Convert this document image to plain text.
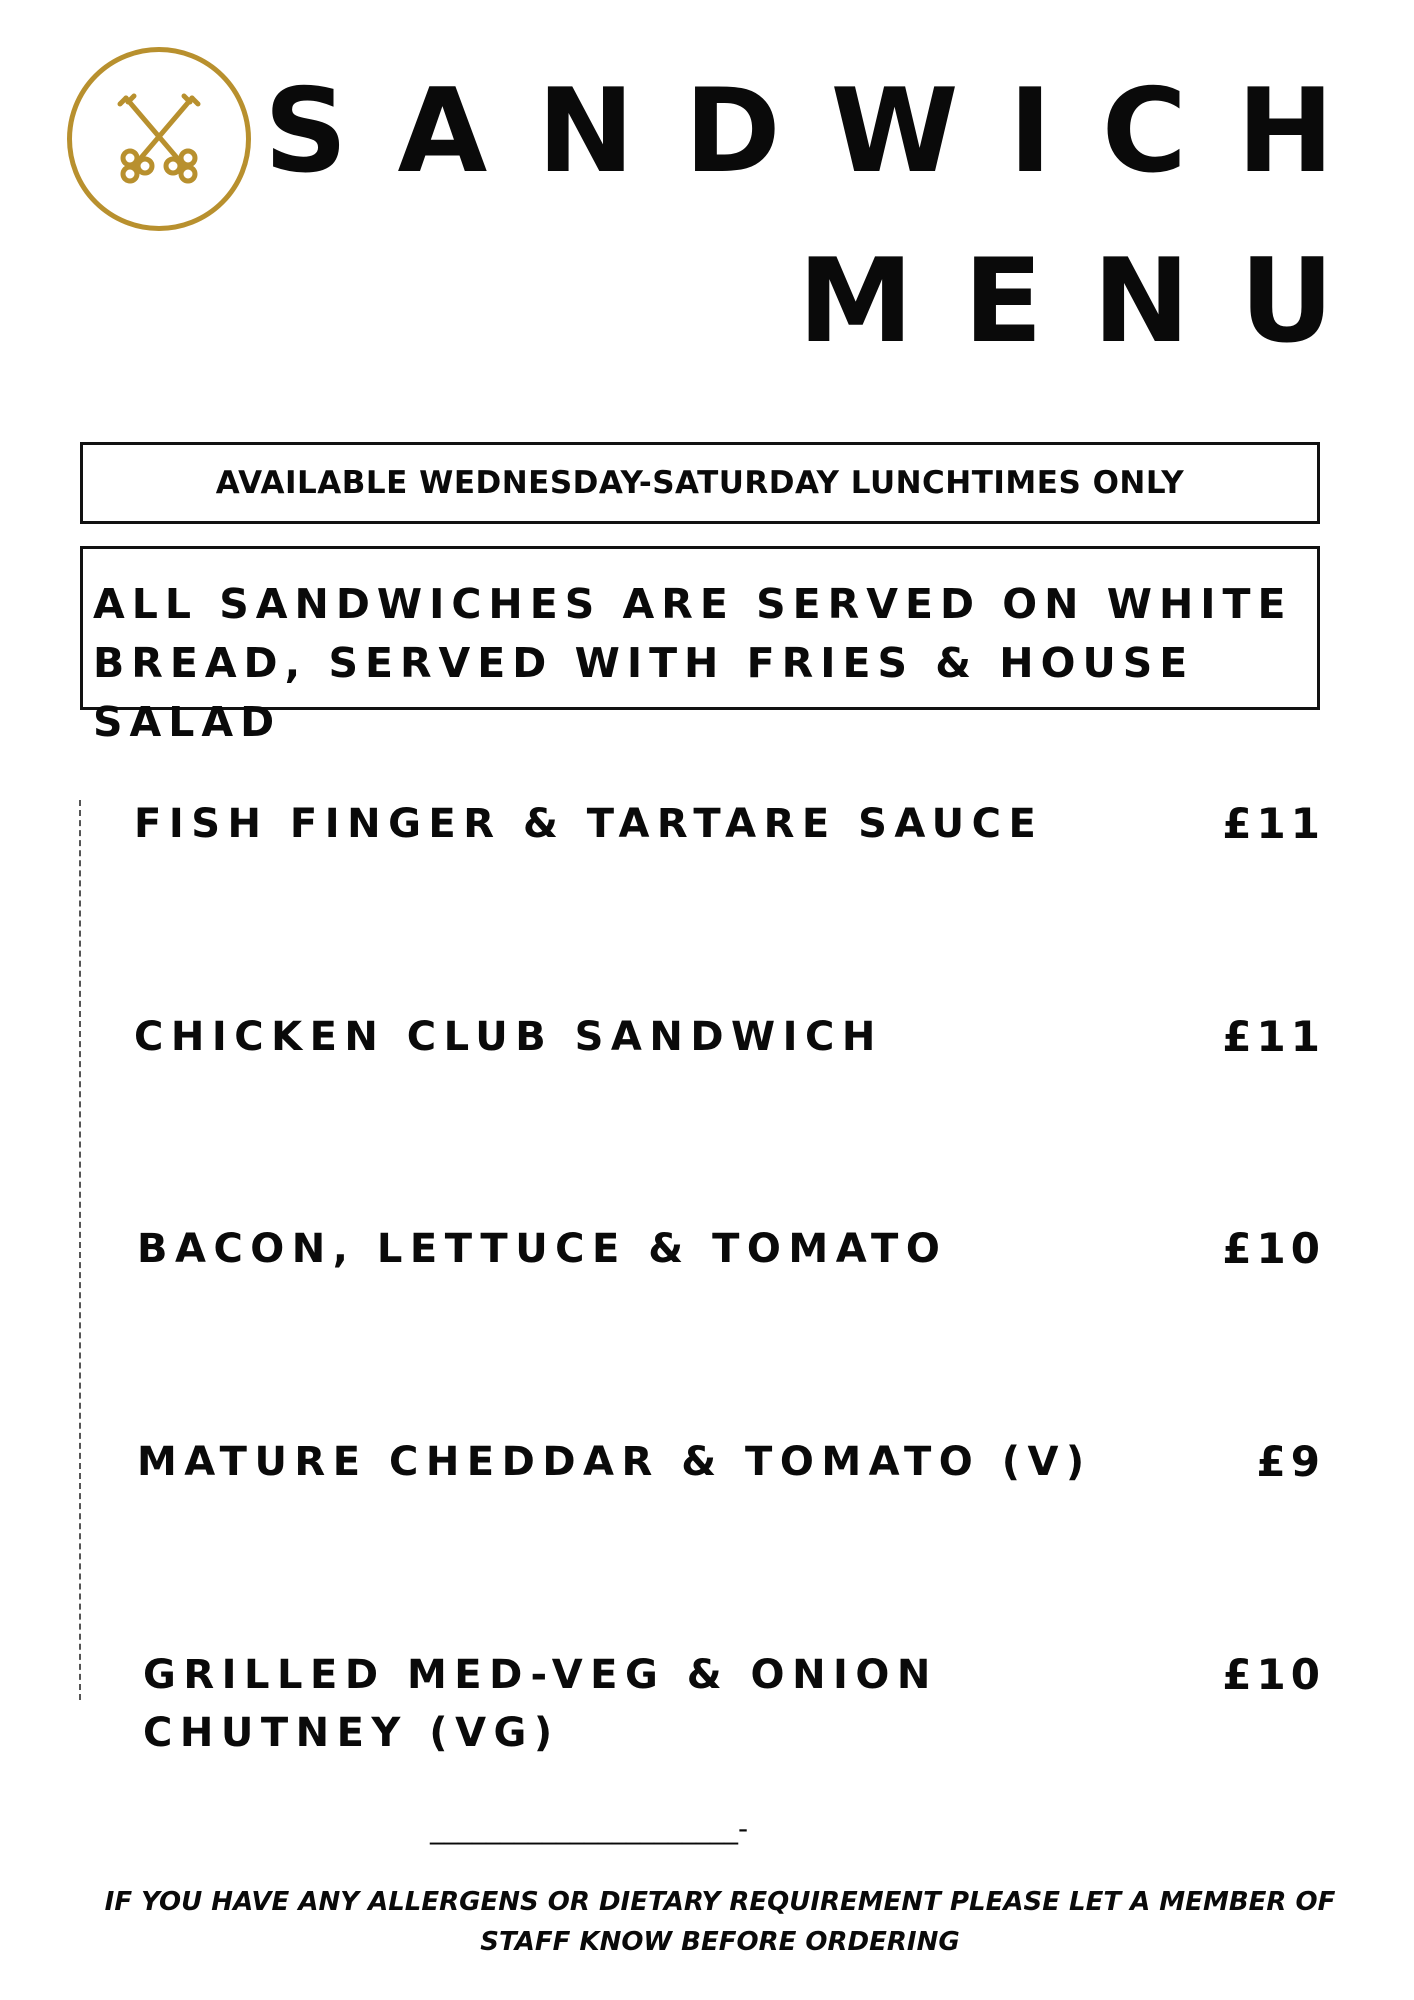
SANDWICH
MENU
AVAILABLE WEDNESDAY-SATURDAY LUNCHTIMES ONLY
ALL SANDWICHES ARE SERVED ON WHITE
BREAD, SERVED WITH FRIES & HOUSE SALAD
FISH FINGER & TARTARE SAUCE	£11
CHICKEN CLUB SANDWICH	£11
BACON, LETTUCE & TOMATO	£10
MATURE CHEDDAR & TOMATO (V)	£9
GRILLED MED-VEG & ONION
CHUTNEY (VG)
£10
______________________-
IF YOU HAVE ANY ALLERGENS OR DIETARY REQUIREMENT PLEASE LET A MEMBER OF STAFF KNOW BEFORE ORDERING
